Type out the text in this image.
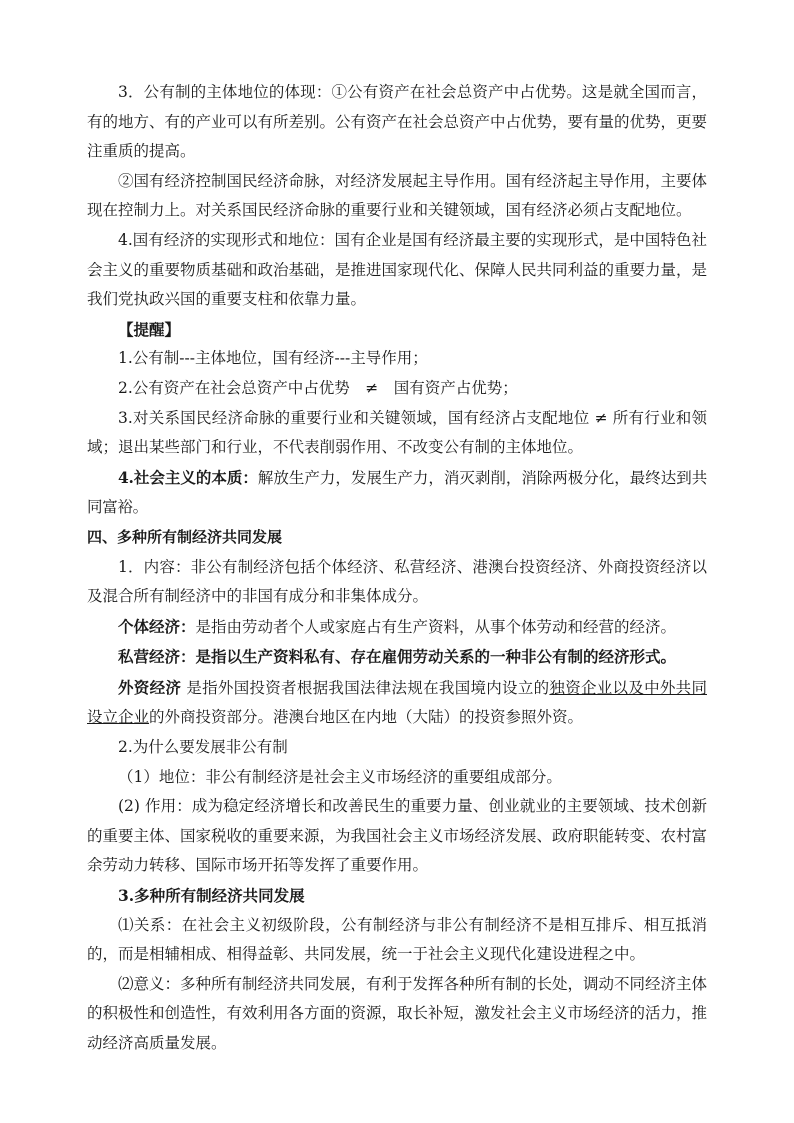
3．公有制的主体地位的体现：①公有资产在社会总资产中占优势。这是就全国而言，有的地方、有的产业可以有所差别。公有资产在社会总资产中占优势，要有量的优势，更要注重质的提高。

②国有经济控制国民经济命脉，对经济发展起主导作用。国有经济起主导作用，主要体现在控制力上。对关系国民经济命脉的重要行业和关键领域，国有经济必须占支配地位。

4.国有经济的实现形式和地位：国有企业是国有经济最主要的实现形式，是中国特色社会主义的重要物质基础和政治基础，是推进国家现代化、保障人民共同利益的重要力量，是我们党执政兴国的重要支柱和依靠力量。

【提醒】

1.公有制---主体地位，国有经济---主导作用；

2.公有资产在社会总资产中占优势　≠　国有资产占优势；

3.对关系国民经济命脉的重要行业和关键领域，国有经济占支配地位 ≠ 所有行业和领域；退出某些部门和行业，不代表削弱作用、不改变公有制的主体地位。

4.社会主义的本质：解放生产力，发展生产力，消灭剥削，消除两极分化，最终达到共同富裕。

四、多种所有制经济共同发展

1．内容：非公有制经济包括个体经济、私营经济、港澳台投资经济、外商投资经济以及混合所有制经济中的非国有成分和非集体成分。

个体经济：是指由劳动者个人或家庭占有生产资料，从事个体劳动和经营的经济。

私营经济：是指以生产资料私有、存在雇佣劳动关系的一种非公有制的经济形式。

外资经济 是指外国投资者根据我国法律法规在我国境内设立的独资企业以及中外共同设立企业的外商投资部分。港澳台地区在内地（大陆）的投资参照外资。

2.为什么要发展非公有制

（1）地位：非公有制经济是社会主义市场经济的重要组成部分。

(2) 作用：成为稳定经济增长和改善民生的重要力量、创业就业的主要领域、技术创新的重要主体、国家税收的重要来源，为我国社会主义市场经济发展、政府职能转变、农村富余劳动力转移、国际市场开拓等发挥了重要作用。

3.多种所有制经济共同发展

⑴关系：在社会主义初级阶段，公有制经济与非公有制经济不是相互排斥、相互抵消的，而是相辅相成、相得益彰、共同发展，统一于社会主义现代化建设进程之中。

⑵意义：多种所有制经济共同发展，有利于发挥各种所有制的长处，调动不同经济主体的积极性和创造性，有效利用各方面的资源，取长补短，激发社会主义市场经济的活力，推动经济高质量发展。
